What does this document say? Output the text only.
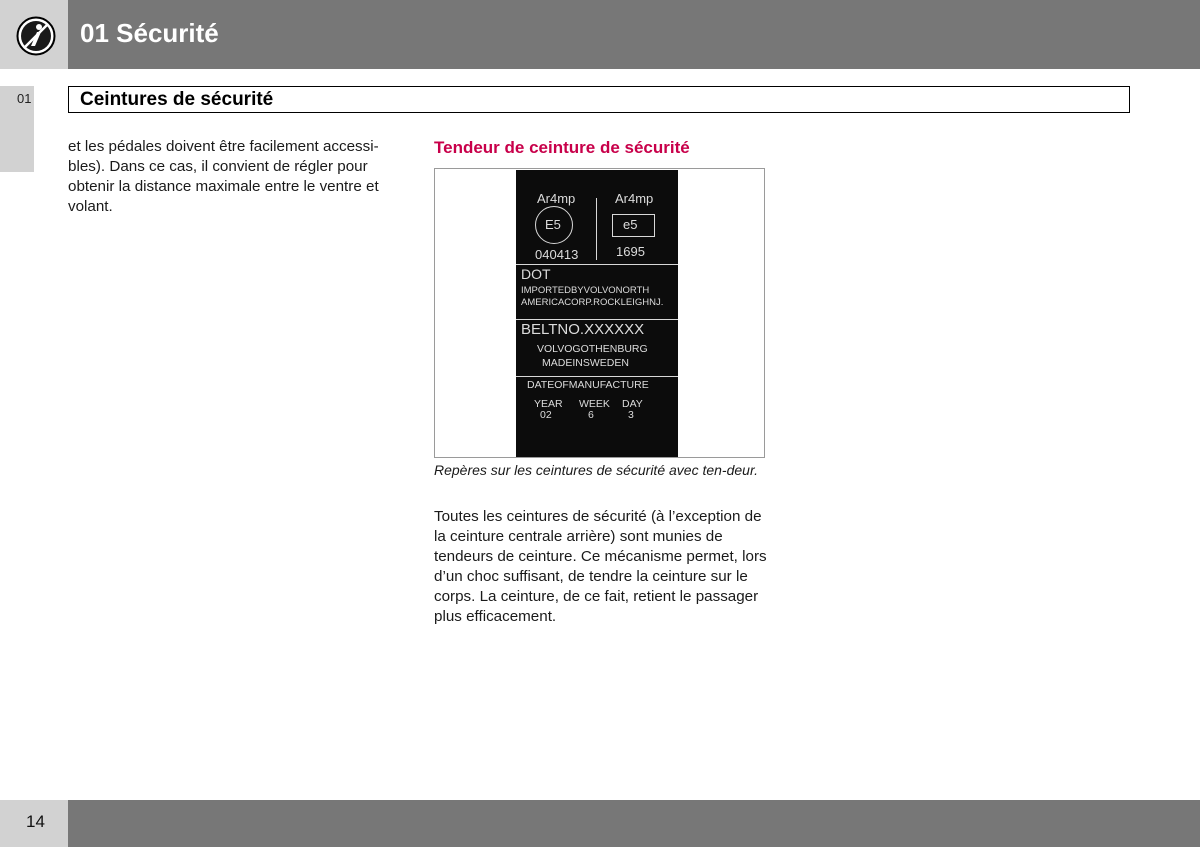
01 Sécurité
01	Ceintures de sécurité

et les pédales doivent être facilement accessi-bles). Dans ce cas, il convient de régler pour obtenir la distance maximale entre le ventre et volant.

Tendeur de ceinture de sécurité
Ar4mp	Ar4mp
E5	e5
040413	1695
DOT
IMPORTEDBYVOLVONORTH
AMERICACORP.ROCKLEIGHNJ.
BELTNO.XXXXXX
VOLVOGOTHENBURG
MADEINSWEDEN
DATEOFMANUFACTURE
YEAR WEEK DAY
02	6	3

Repères sur les ceintures de sécurité avec ten-deur.

Toutes les ceintures de sécurité (à l’exception de la ceinture centrale arrière) sont munies de tendeurs de ceinture. Ce mécanisme permet, lors d’un choc suffisant, de tendre la ceinture sur le corps. La ceinture, de ce fait, retient le passager plus efficacement.

14
